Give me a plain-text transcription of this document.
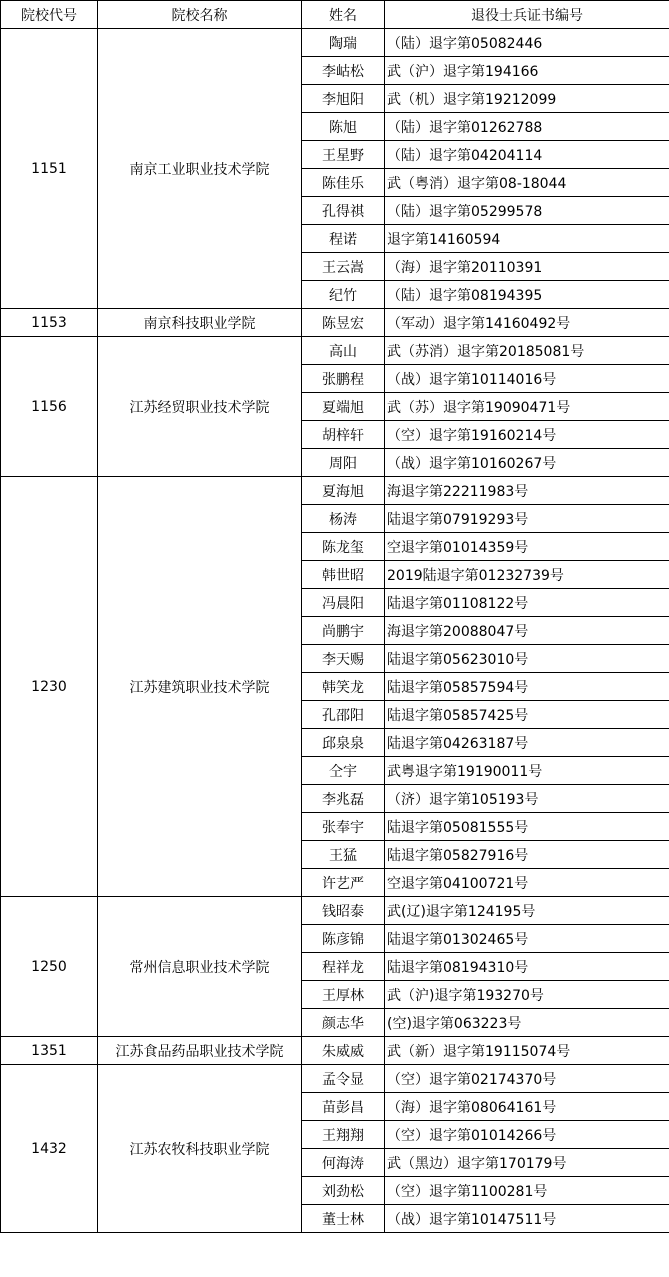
院校代号	院校名称	姓名	退役士兵证书编号
1151	南京工业职业技术学院	陶瑞	（陆）退字第05082446
		李岵松	武（沪）退字第194166
		李旭阳	武（机）退字第19212099
		陈旭	（陆）退字第01262788
		王星野	（陆）退字第04204114
		陈佳乐	武（粤消）退字第08-18044
		孔得祺	（陆）退字第05299578
		程诺	退字第14160594
		王云嵩	（海）退字第20110391
		纪竹	（陆）退字第08194395
1153	南京科技职业学院	陈昱宏	（军动）退字第14160492号
1156	江苏经贸职业技术学院	高山	武（苏消）退字第20185081号
		张鹏程	（战）退字第10114016号
		夏端旭	武（苏）退字第19090471号
		胡梓轩	（空）退字第19160214号
		周阳	（战）退字第10160267号
1230	江苏建筑职业技术学院	夏海旭	海退字第22211983号
		杨涛	陆退字第07919293号
		陈龙玺	空退字第01014359号
		韩世昭	2019陆退字第01232739号
		冯晨阳	陆退字第01108122号
		尚鹏宇	海退字第20088047号
		李天赐	陆退字第05623010号
		韩笑龙	陆退字第05857594号
		孔邵阳	陆退字第05857425号
		邱泉泉	陆退字第04263187号
		仝宇	武粤退字第19190011号
		李兆磊	（济）退字第105193号
		张奉宇	陆退字第05081555号
		王猛	陆退字第05827916号
		许艺严	空退字第04100721号
1250	常州信息职业技术学院	钱昭泰	武(辽)退字第124195号
		陈彦锦	陆退字第01302465号
		程祥龙	陆退字第08194310号
		王厚林	武（沪)退字第193270号
		颜志华	(空)退字第063223号
1351	江苏食品药品职业技术学院	朱威威	武（新）退字第19115074号
1432	江苏农牧科技职业学院	孟令显	（空）退字第02174370号
		苗彭昌	（海）退字第08064161号
		王翔翔	（空）退字第01014266号
		何海涛	武（黑边）退字第170179号
		刘劲松	（空）退字第1100281号
		董士林	（战）退字第10147511号
